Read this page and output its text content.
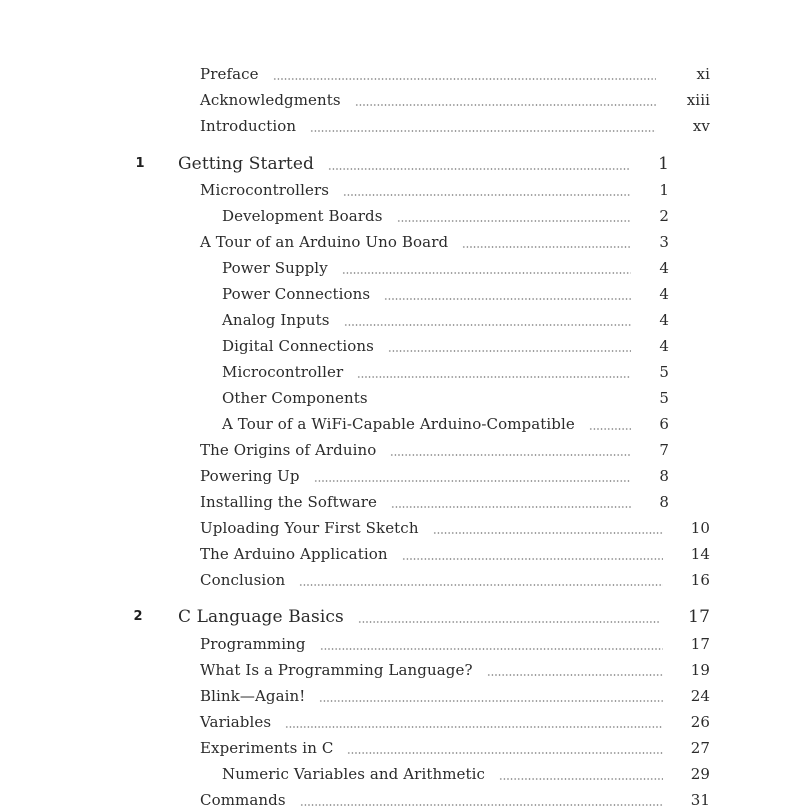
Preface	xi
Acknowledgments	xiii
Introduction	xv
1	Getting Started	1
Microcontrollers	1
Development Boards	2
A Tour of an Arduino Uno Board	3
Power Supply	4
Power Connections	4
Analog Inputs	4
Digital Connections	4
Microcontroller	5
Other Components	5
A Tour of a WiFi-Capable Arduino-Compatible	6
The Origins of Arduino	7
Powering Up	8
Installing the Software	8
Uploading Your First Sketch	10
The Arduino Application	14
Conclusion	16
2	C Language Basics	17
Programming	17
What Is a Programming Language?	19
Blink—Again!	24
Variables	26
Experiments in C	27
Numeric Variables and Arithmetic	29
Commands	31
